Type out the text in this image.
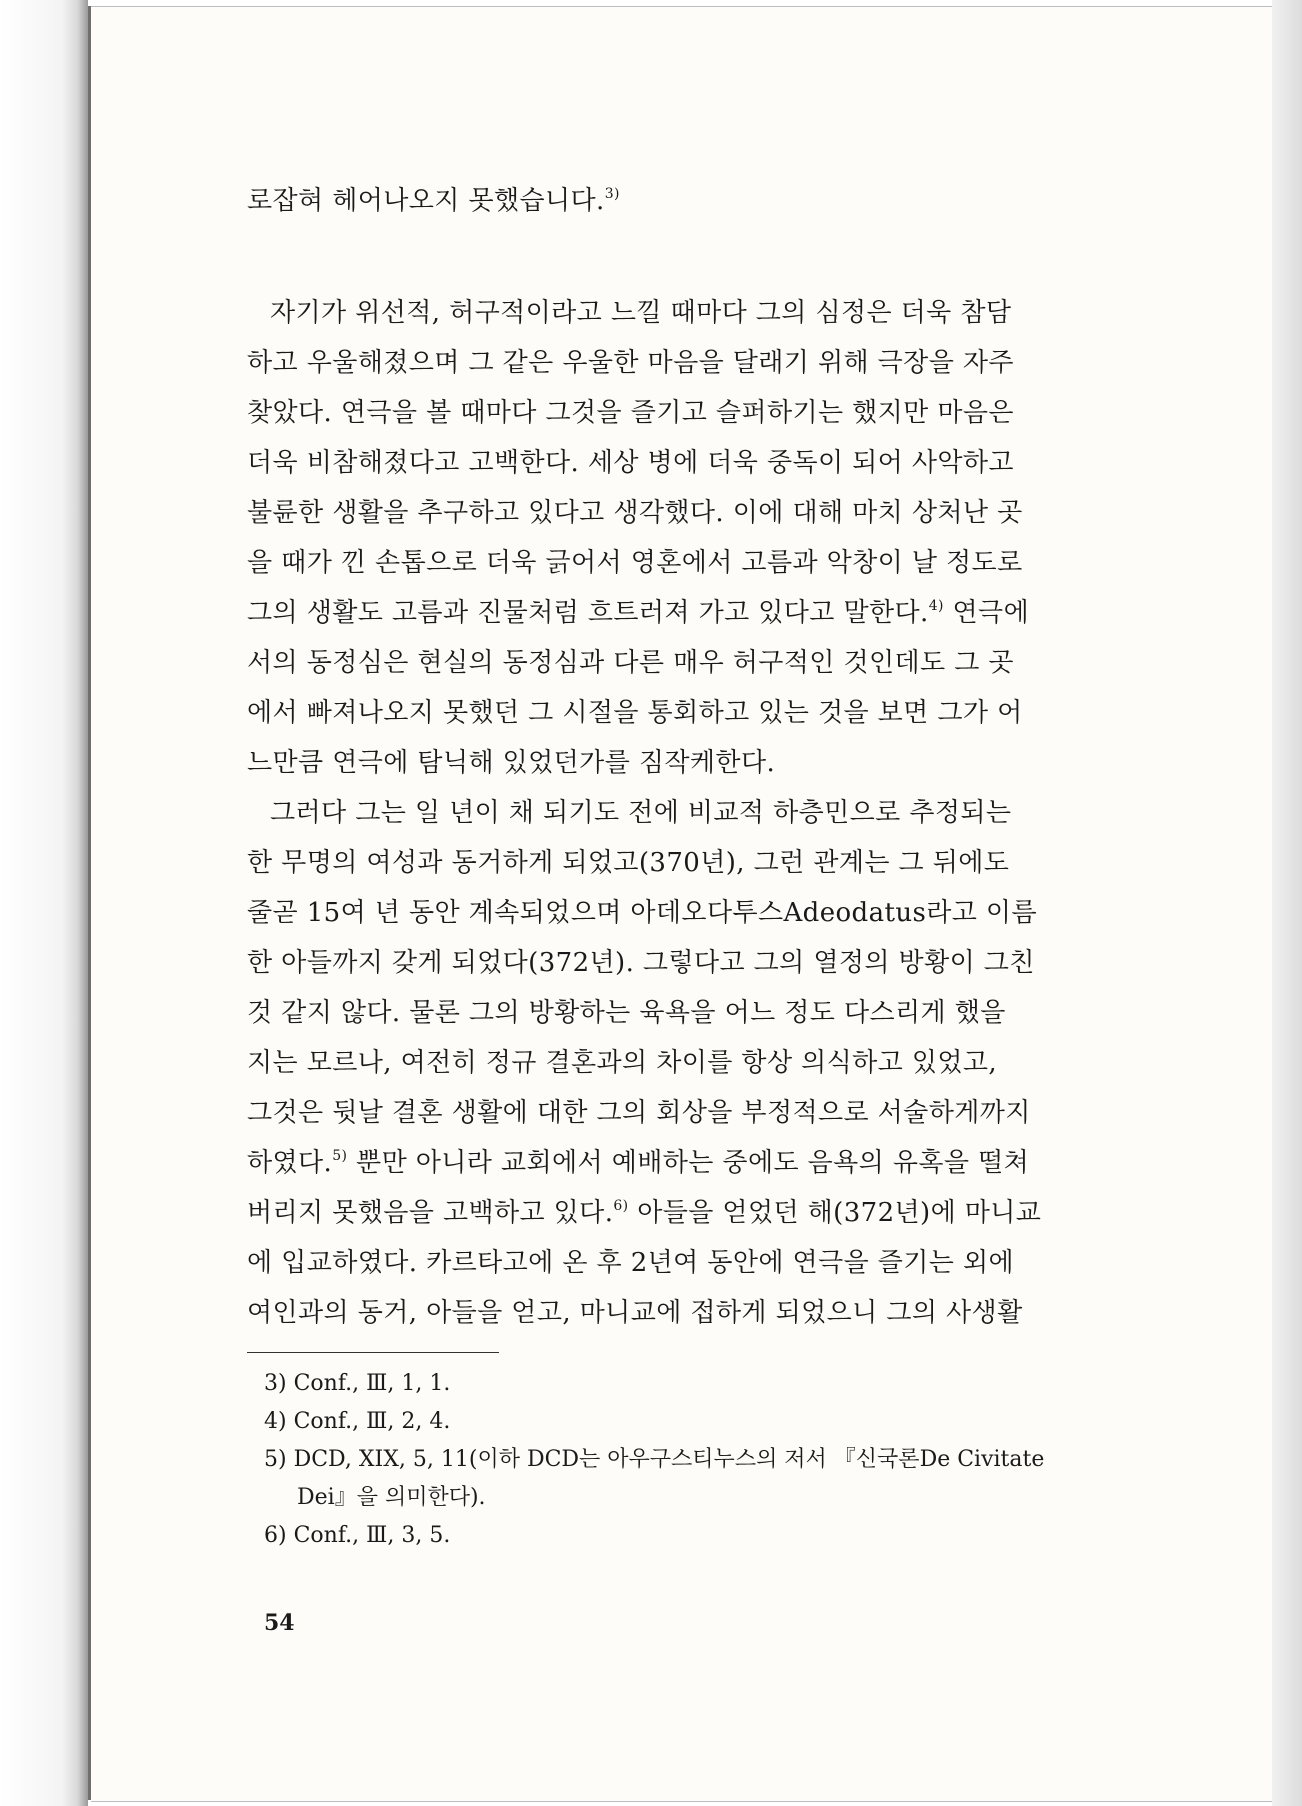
로잡혀 헤어나오지 못했습니다.$^{3)}$
자기가 위선적, 허구적이라고 느낄 때마다 그의 심정은 더욱 참담
하고 우울해졌으며 그 같은 우울한 마음을 달래기 위해 극장을 자주
찾았다. 연극을 볼 때마다 그것을 즐기고 슬퍼하기는 했지만 마음은
더욱 비참해졌다고 고백한다. 세상 병에 더욱 중독이 되어 사악하고
불륜한 생활을 추구하고 있다고 생각했다. 이에 대해 마치 상처난 곳
을 때가 낀 손톱으로 더욱 긁어서 영혼에서 고름과 악창이 날 정도로
그의 생활도 고름과 진물처럼 흐트러져 가고 있다고 말한다.$^{4)}$ 연극에
서의 동정심은 현실의 동정심과 다른 매우 허구적인 것인데도 그 곳
에서 빠져나오지 못했던 그 시절을 통회하고 있는 것을 보면 그가 어
느만큼 연극에 탐닉해 있었던가를 짐작케한다.
그러다 그는 일 년이 채 되기도 전에 비교적 하층민으로 추정되는
한 무명의 여성과 동거하게 되었고(370년), 그런 관계는 그 뒤에도
줄곧 15여 년 동안 계속되었으며 아데오다투스Adeodatus라고 이름
한 아들까지 갖게 되었다(372년). 그렇다고 그의 열정의 방황이 그친
것 같지 않다. 물론 그의 방황하는 육욕을 어느 정도 다스리게 했을
지는 모르나, 여전히 정규 결혼과의 차이를 항상 의식하고 있었고,
그것은 뒷날 결혼 생활에 대한 그의 회상을 부정적으로 서술하게까지
하였다.$^{5)}$ 뿐만 아니라 교회에서 예배하는 중에도 음욕의 유혹을 떨쳐
버리지 못했음을 고백하고 있다.$^{6)}$ 아들을 얻었던 해(372년)에 마니교
에 입교하였다. 카르타고에 온 후 2년여 동안에 연극을 즐기는 외에
여인과의 동거, 아들을 얻고, 마니교에 접하게 되었으니 그의 사생활
3) Conf., Ⅲ, 1, 1.
4) Conf., Ⅲ, 2, 4.
5) DCD, XIX, 5, 11(이하 DCD는 아우구스티누스의 저서 『신국론De Civitate
Dei』을 의미한다).
6) Conf., Ⅲ, 3, 5.
54
